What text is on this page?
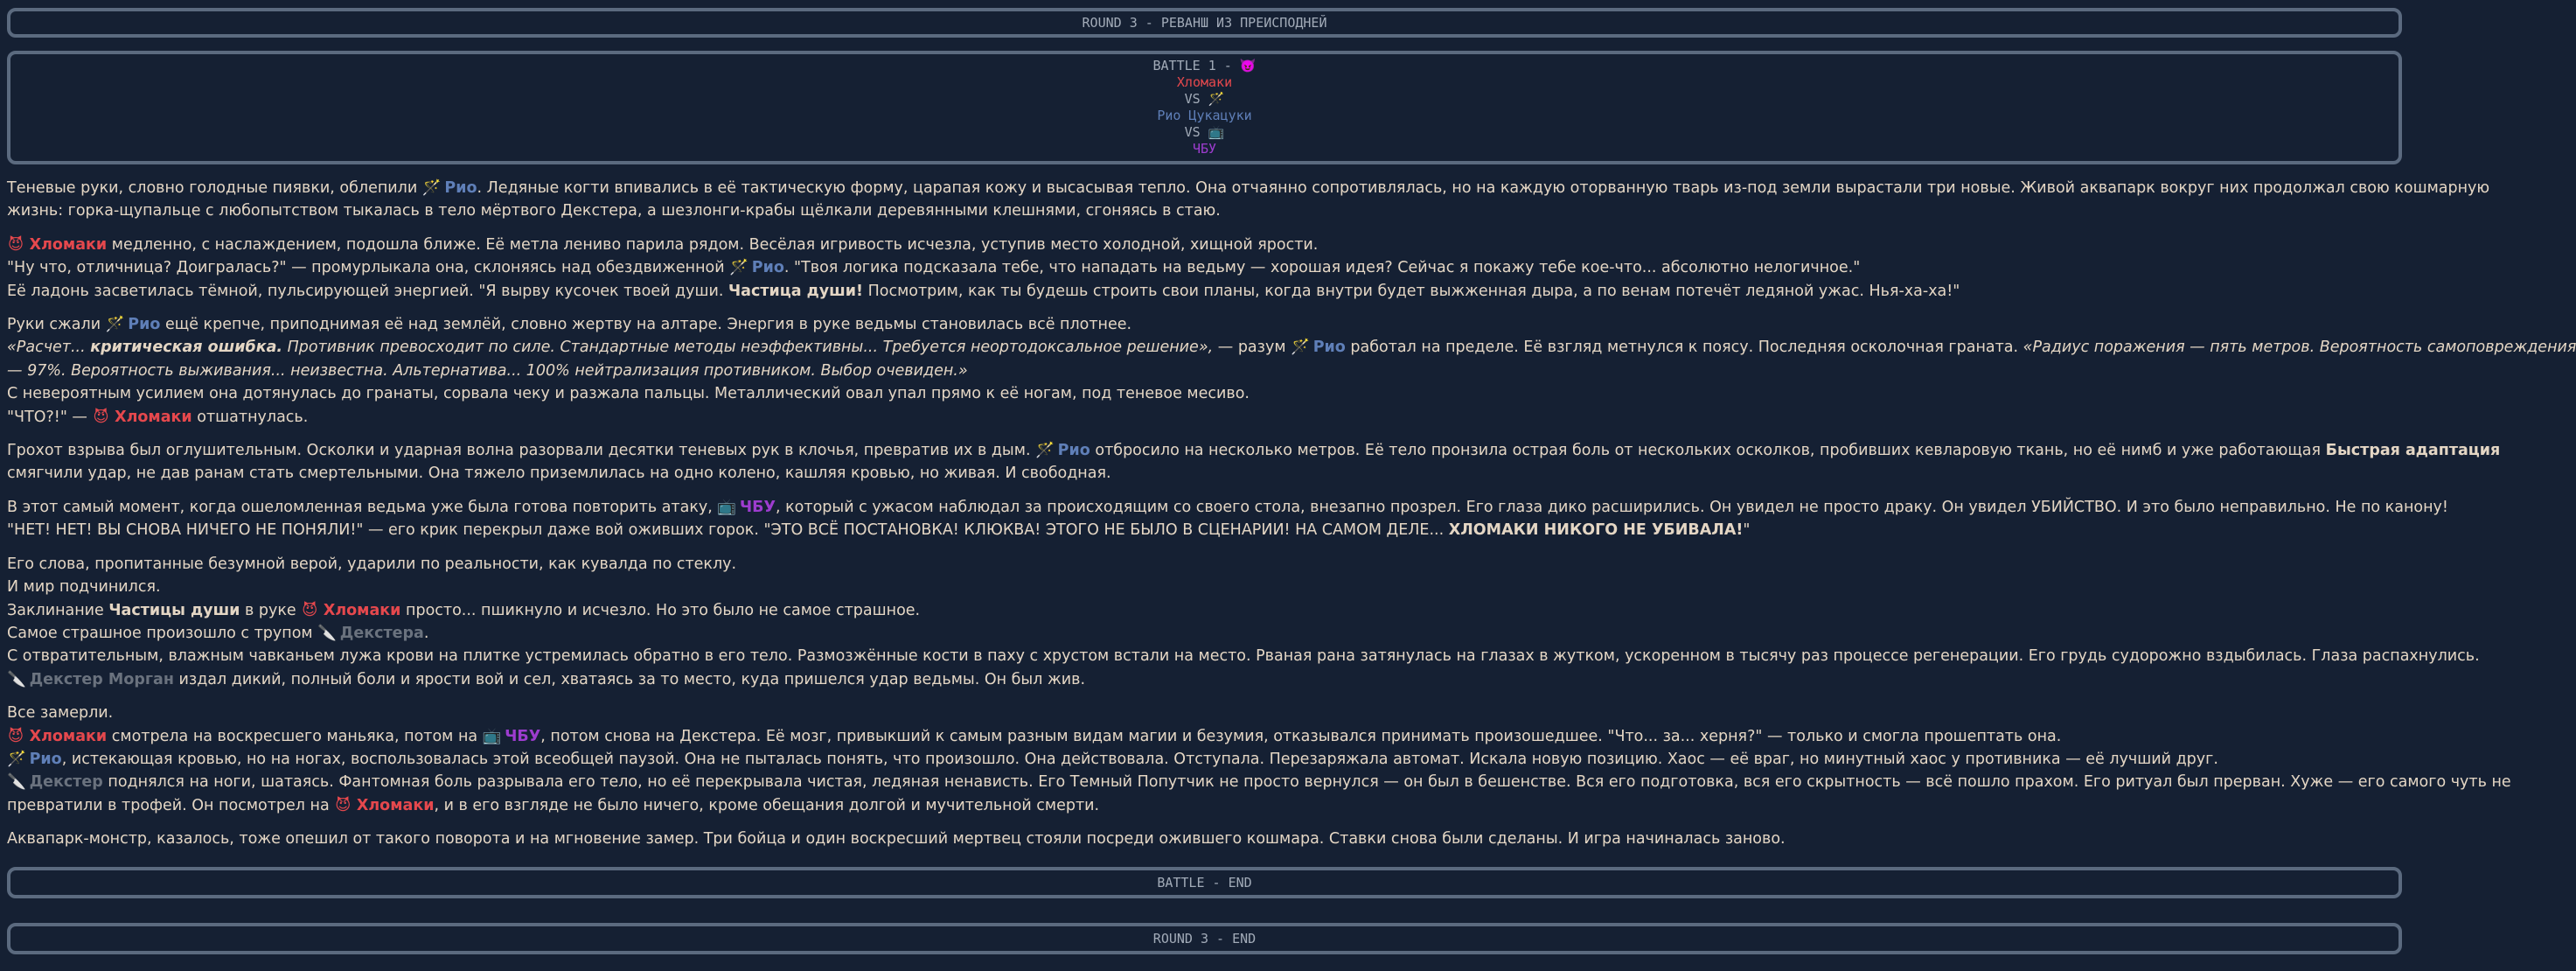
ROUND 3 - РЕВАНШ ИЗ ПРЕИСПОДНЕЙ
BATTLE 1 - 😈
Хломаки
VS 🪄
Рио Цукацуки
VS 📺
ЧБУ

Теневые руки, словно голодные пиявки, облепили 🪄 Рио. Ледяные когти впивались в её тактическую форму, царапая кожу и высасывая тепло. Она отчаянно сопротивлялась, но на каждую оторванную тварь из-под земли вырастали три новые. Живой аквапарк вокруг них продолжал свою кошмарную
жизнь: горка-щупальце с любопытством тыкалась в тело мёртвого Декстера, а шезлонги-крабы щёлкали деревянными клешнями, сгоняясь в стаю.

😈 Хломаки медленно, с наслаждением, подошла ближе. Её метла лениво парила рядом. Весёлая игривость исчезла, уступив место холодной, хищной ярости.
"Ну что, отличница? Доигралась?" — промурлыкала она, склоняясь над обездвиженной 🪄 Рио. "Твоя логика подсказала тебе, что нападать на ведьму — хорошая идея? Сейчас я покажу тебе кое-что... абсолютно нелогичное."
Её ладонь засветилась тёмной, пульсирующей энергией. "Я вырву кусочек твоей души. Частица души! Посмотрим, как ты будешь строить свои планы, когда внутри будет выжженная дыра, а по венам потечёт ледяной ужас. Нья-ха-ха!"

Руки сжали 🪄 Рио ещё крепче, приподнимая её над землёй, словно жертву на алтаре. Энергия в руке ведьмы становилась всё плотнее.
«Расчет... критическая ошибка. Противник превосходит по силе. Стандартные методы неэффективны... Требуется неортодоксальное решение», — разум 🪄 Рио работал на пределе. Её взгляд метнулся к поясу. Последняя осколочная граната. «Радиус поражения — пять метров. Вероятность самоповреждения
— 97%. Вероятность выживания... неизвестна. Альтернатива... 100% нейтрализация противником. Выбор очевиден.»
С невероятным усилием она дотянулась до гранаты, сорвала чеку и разжала пальцы. Металлический овал упал прямо к её ногам, под теневое месиво.
"ЧТО?!" — 😈 Хломаки отшатнулась.

Грохот взрыва был оглушительным. Осколки и ударная волна разорвали десятки теневых рук в клочья, превратив их в дым. 🪄 Рио отбросило на несколько метров. Её тело пронзила острая боль от нескольких осколков, пробивших кевларовую ткань, но её нимб и уже работающая Быстрая адаптация
смягчили удар, не дав ранам стать смертельными. Она тяжело приземлилась на одно колено, кашляя кровью, но живая. И свободная.

В этот самый момент, когда ошеломленная ведьма уже была готова повторить атаку, 📺 ЧБУ, который с ужасом наблюдал за происходящим со своего стола, внезапно прозрел. Его глаза дико расширились. Он увидел не просто драку. Он увидел УБИЙСТВО. И это было неправильно. Не по канону!
"НЕТ! НЕТ! ВЫ СНОВА НИЧЕГО НЕ ПОНЯЛИ!" — его крик перекрыл даже вой оживших горок. "ЭТО ВСЁ ПОСТАНОВКА! КЛЮКВА! ЭТОГО НЕ БЫЛО В СЦЕНАРИИ! НА САМОМ ДЕЛЕ... ХЛОМАКИ НИКОГО НЕ УБИВАЛА!"

Его слова, пропитанные безумной верой, ударили по реальности, как кувалда по стеклу.
И мир подчинился.
Заклинание Частицы души в руке 😈 Хломаки просто... пшикнуло и исчезло. Но это было не самое страшное.
Самое страшное произошло с трупом 🔪 Декстера.
С отвратительным, влажным чавканьем лужа крови на плитке устремилась обратно в его тело. Размозжённые кости в паху с хрустом встали на место. Рваная рана затянулась на глазах в жутком, ускоренном в тысячу раз процессе регенерации. Его грудь судорожно вздыбилась. Глаза распахнулись.
🔪 Декстер Морган издал дикий, полный боли и ярости вой и сел, хватаясь за то место, куда пришелся удар ведьмы. Он был жив.

Все замерли.
😈 Хломаки смотрела на воскресшего маньяка, потом на 📺 ЧБУ, потом снова на Декстера. Её мозг, привыкший к самым разным видам магии и безумия, отказывался принимать произошедшее. "Что... за... херня?" — только и смогла прошептать она.
🪄 Рио, истекающая кровью, но на ногах, воспользовалась этой всеобщей паузой. Она не пыталась понять, что произошло. Она действовала. Отступала. Перезаряжала автомат. Искала новую позицию. Хаос — её враг, но минутный хаос у противника — её лучший друг.
🔪 Декстер поднялся на ноги, шатаясь. Фантомная боль разрывала его тело, но её перекрывала чистая, ледяная ненависть. Его Темный Попутчик не просто вернулся — он был в бешенстве. Вся его подготовка, вся его скрытность — всё пошло прахом. Его ритуал был прерван. Хуже — его самого чуть не
превратили в трофей. Он посмотрел на 😈 Хломаки, и в его взгляде не было ничего, кроме обещания долгой и мучительной смерти.

Аквапарк-монстр, казалось, тоже опешил от такого поворота и на мгновение замер. Три бойца и один воскресший мертвец стояли посреди ожившего кошмара. Ставки снова были сделаны. И игра начиналась заново.

BATTLE - END
ROUND 3 - END
